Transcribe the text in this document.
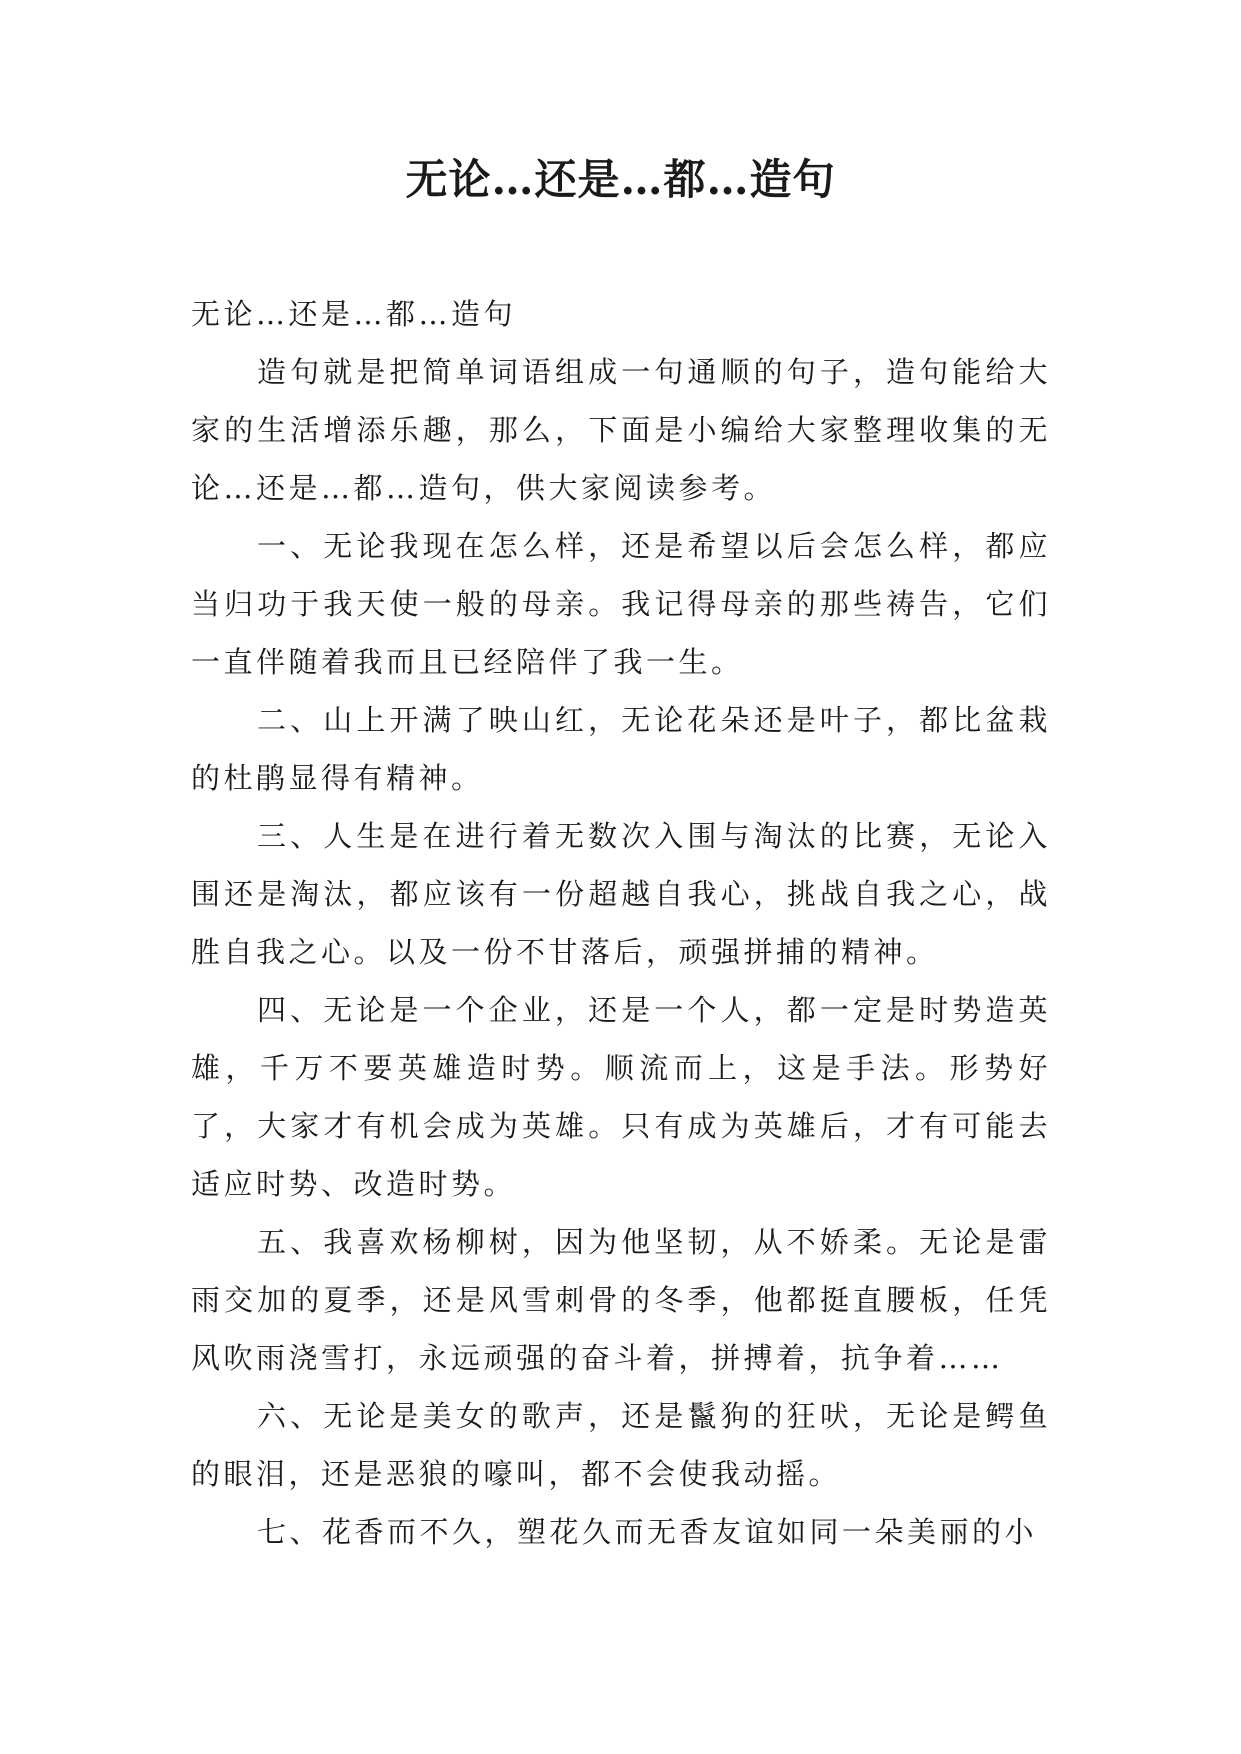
无论…还是…都…造句

无论…还是…都…造句

造句就是把简单词语组成一句通顺的句子，造句能给大家的生活增添乐趣，那么，下面是小编给大家整理收集的无论…还是…都…造句，供大家阅读参考。

一、无论我现在怎么样，还是希望以后会怎么样，都应当归功于我天使一般的母亲。我记得母亲的那些祷告，它们一直伴随着我而且已经陪伴了我一生。

二、山上开满了映山红，无论花朵还是叶子，都比盆栽的杜鹃显得有精神。

三、人生是在进行着无数次入围与淘汰的比赛，无论入围还是淘汰，都应该有一份超越自我心，挑战自我之心，战胜自我之心。以及一份不甘落后，顽强拼捕的精神。

四、无论是一个企业，还是一个人，都一定是时势造英雄，千万不要英雄造时势。顺流而上，这是手法。形势好了，大家才有机会成为英雄。只有成为英雄后，才有可能去适应时势、改造时势。

五、我喜欢杨柳树，因为他坚韧，从不娇柔。无论是雷雨交加的夏季，还是风雪刺骨的冬季，他都挺直腰板，任凭风吹雨浇雪打，永远顽强的奋斗着，拼搏着，抗争着……

六、无论是美女的歌声，还是鬣狗的狂吠，无论是鳄鱼的眼泪，还是恶狼的嚎叫，都不会使我动摇。

七、花香而不久，塑花久而无香友谊如同一朵美丽的小
